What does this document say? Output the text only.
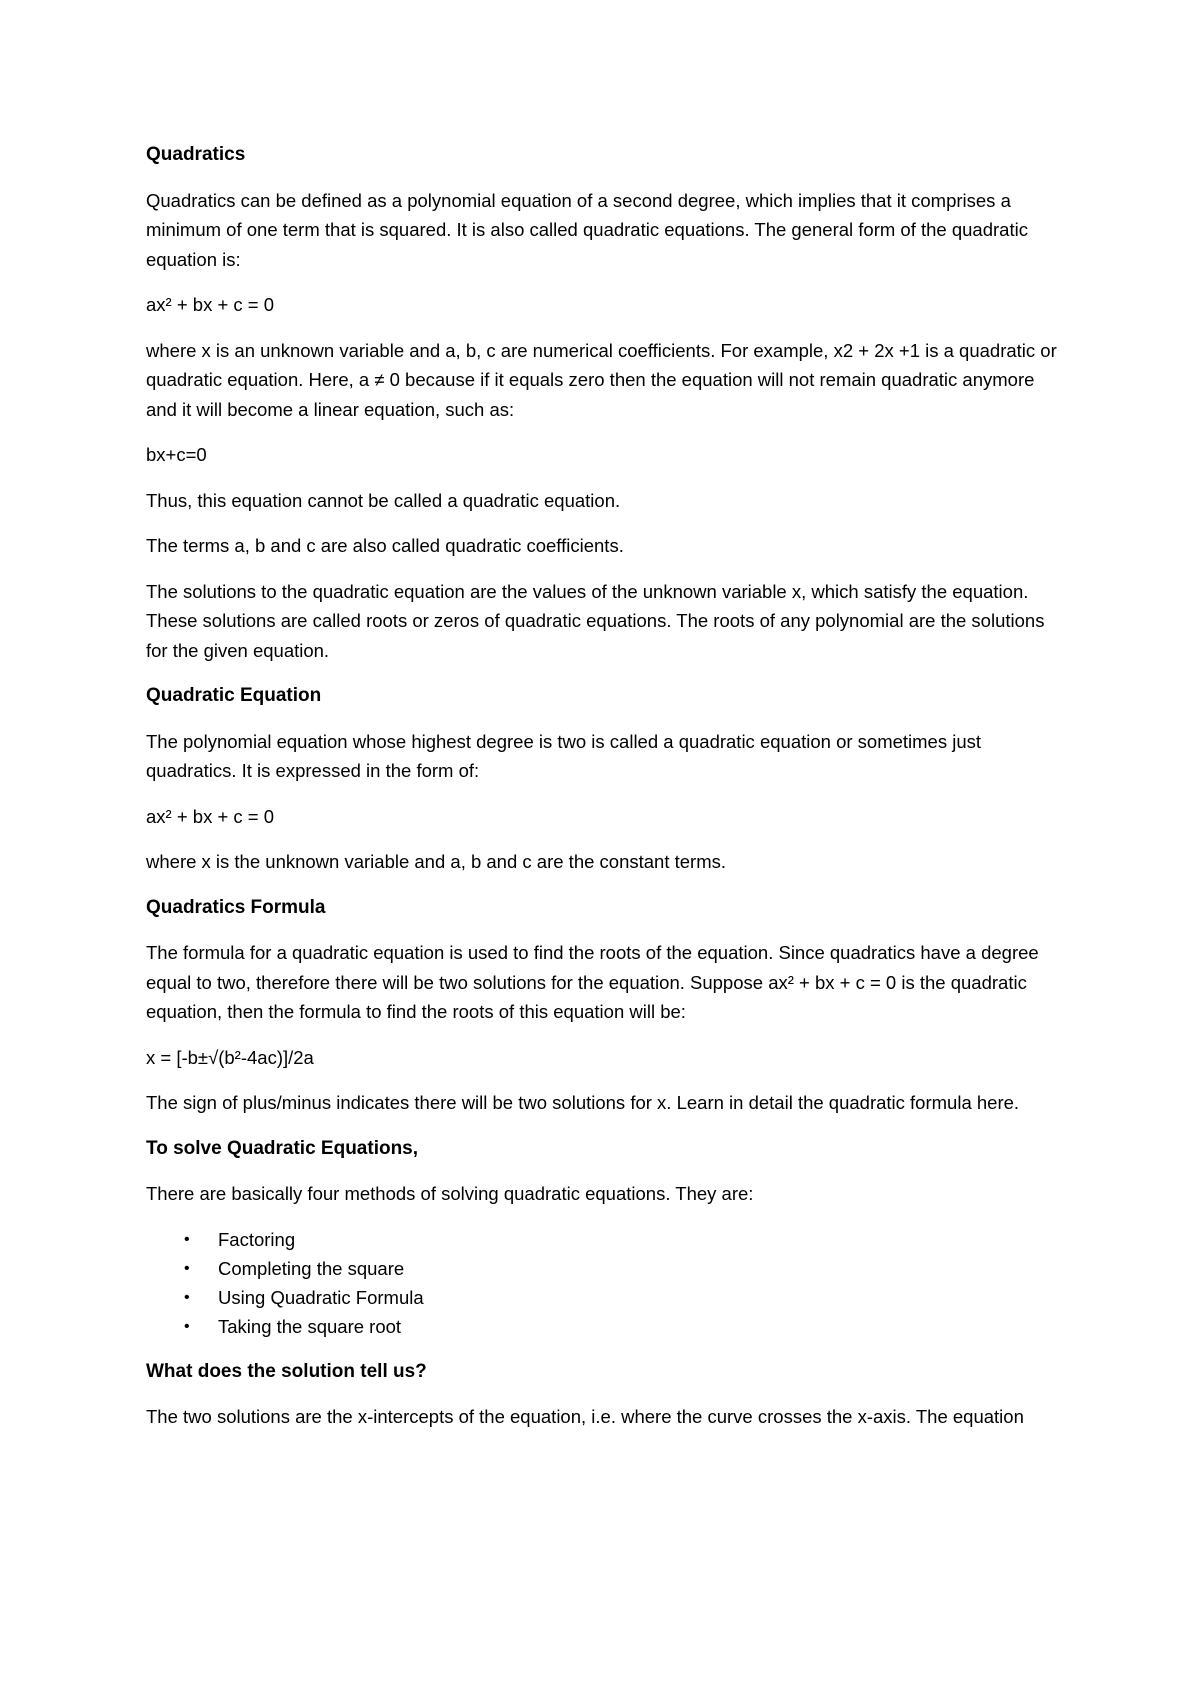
Quadratics

Quadratics can be defined as a polynomial equation of a second degree, which implies that it comprises a minimum of one term that is squared. It is also called quadratic equations. The general form of the quadratic equation is:

ax² + bx + c = 0

where x is an unknown variable and a, b, c are numerical coefficients. For example, x2 + 2x +1 is a quadratic or quadratic equation. Here, a ≠ 0 because if it equals zero then the equation will not remain quadratic anymore and it will become a linear equation, such as:

bx+c=0

Thus, this equation cannot be called a quadratic equation.

The terms a, b and c are also called quadratic coefficients.

The solutions to the quadratic equation are the values of the unknown variable x, which satisfy the equation. These solutions are called roots or zeros of quadratic equations. The roots of any polynomial are the solutions for the given equation.

Quadratic Equation

The polynomial equation whose highest degree is two is called a quadratic equation or sometimes just quadratics. It is expressed in the form of:

ax² + bx + c = 0

where x is the unknown variable and a, b and c are the constant terms.

Quadratics Formula

The formula for a quadratic equation is used to find the roots of the equation. Since quadratics have a degree equal to two, therefore there will be two solutions for the equation. Suppose ax² + bx + c = 0 is the quadratic equation, then the formula to find the roots of this equation will be:

x = [-b±√(b²-4ac)]/2a

The sign of plus/minus indicates there will be two solutions for x. Learn in detail the quadratic formula here.

To solve Quadratic Equations,

There are basically four methods of solving quadratic equations. They are:

• Factoring
• Completing the square
• Using Quadratic Formula
• Taking the square root
What does the solution tell us?

The two solutions are the x-intercepts of the equation, i.e. where the curve crosses the x-axis. The equation
